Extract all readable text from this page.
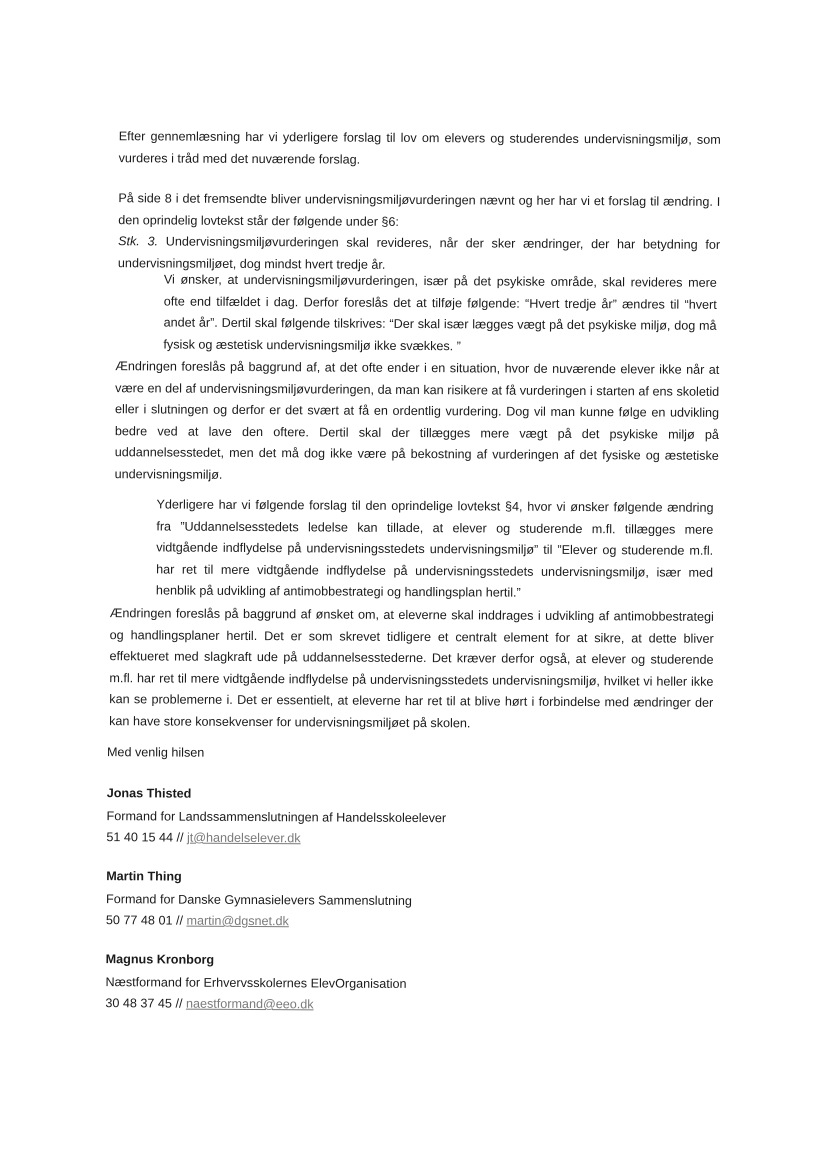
Efter gennemlæsning har vi yderligere forslag til lov om elevers og studerendes undervisningsmiljø, som vurderes i tråd med det nuværende forslag.

På side 8 i det fremsendte bliver undervisningsmiljøvurderingen nævnt og her har vi et forslag til ændring. I den oprindelig lovtekst står der følgende under §6:

Stk. 3. Undervisningsmiljøvurderingen skal revideres, når der sker ændringer, der har betydning for undervisningsmiljøet, dog mindst hvert tredje år.

Vi ønsker, at undervisningsmiljøvurderingen, især på det psykiske område, skal revideres mere ofte end tilfældet i dag. Derfor foreslås det at tilføje følgende: “Hvert tredje år” ændres til “hvert andet år”. Dertil skal følgende tilskrives: “Der skal især lægges vægt på det psykiske miljø, dog må fysisk og æstetisk undervisningsmiljø ikke svækkes. ”

Ændringen foreslås på baggrund af, at det ofte ender i en situation, hvor de nuværende elever ikke når at være en del af undervisningsmiljøvurderingen, da man kan risikere at få vurderingen i starten af ens skoletid eller i slutningen og derfor er det svært at få en ordentlig vurdering. Dog vil man kunne følge en udvikling bedre ved at lave den oftere. Dertil skal der tillægges mere vægt på det psykiske miljø på uddannelsesstedet, men det må dog ikke være på bekostning af vurderingen af det fysiske og æstetiske undervisningsmiljø.

Yderligere har vi følgende forslag til den oprindelige lovtekst §4, hvor vi ønsker følgende ændring fra ”Uddannelsesstedets ledelse kan tillade, at elever og studerende m.fl. tillægges mere vidtgående indflydelse på undervisningsstedets undervisningsmiljø” til ”Elever og studerende m.fl. har ret til mere vidtgående indflydelse på undervisningsstedets undervisningsmiljø, især med henblik på udvikling af antimobbestrategi og handlingsplan hertil.”

Ændringen foreslås på baggrund af ønsket om, at eleverne skal inddrages i udvikling af antimobbestrategi og handlingsplaner hertil. Det er som skrevet tidligere et centralt element for at sikre, at dette bliver effektueret med slagkraft ude på uddannelsesstederne. Det kræver derfor også, at elever og studerende m.fl. har ret til mere vidtgående indflydelse på undervisningsstedets undervisningsmiljø, hvilket vi heller ikke kan se problemerne i. Det er essentielt, at eleverne har ret til at blive hørt i forbindelse med ændringer der kan have store konsekvenser for undervisningsmiljøet på skolen.

Med venlig hilsen

Jonas Thisted
Formand for Landssammenslutningen af Handelsskoleelever
51 40 15 44 // jt@handelselever.dk
Martin Thing
Formand for Danske Gymnasielevers Sammenslutning
50 77 48 01 // martin@dgsnet.dk
Magnus Kronborg
Næstformand for Erhvervsskolernes ElevOrganisation
30 48 37 45 // naestformand@eeo.dk
